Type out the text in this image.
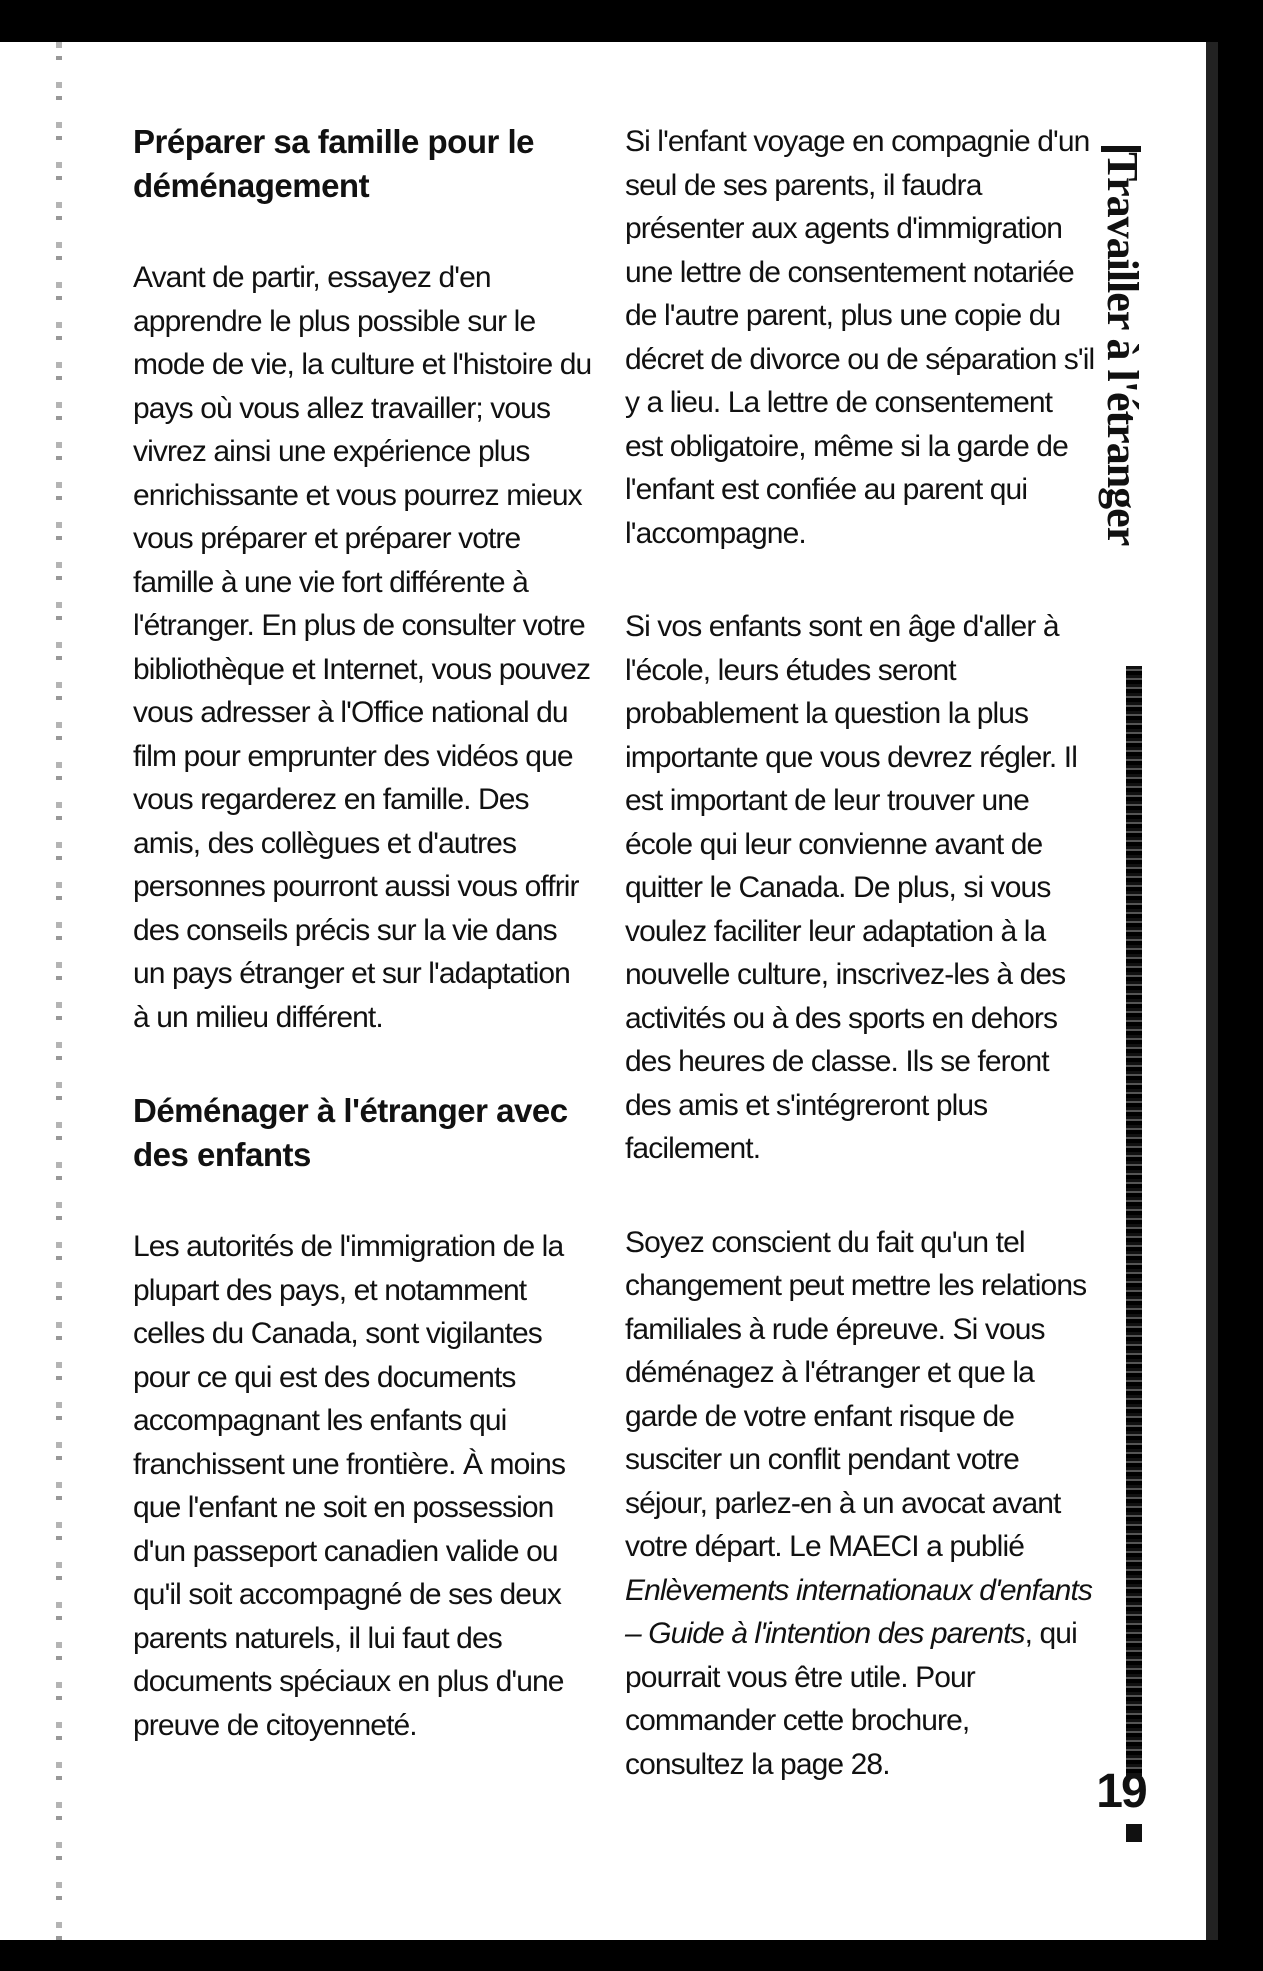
Préparer sa famille pour le déménagement

Avant de partir, essayez d'en apprendre le plus possible sur le mode de vie, la culture et l'histoire du pays où vous allez travailler; vous vivrez ainsi une expérience plus enrichissante et vous pourrez mieux vous préparer et préparer votre famille à une vie fort différente à l'étranger. En plus de consulter votre bibliothèque et Internet, vous pouvez vous adresser à l'Office national du film pour emprunter des vidéos que vous regarderez en famille. Des amis, des collègues et d'autres personnes pourront aussi vous offrir des conseils précis sur la vie dans un pays étranger et sur l'adaptation à un milieu différent.

Déménager à l'étranger avec des enfants

Les autorités de l'immigration de la plupart des pays, et notamment celles du Canada, sont vigilantes pour ce qui est des documents accompagnant les enfants qui franchissent une frontière. À moins que l'enfant ne soit en possession d'un passeport canadien valide ou qu'il soit accompagné de ses deux parents naturels, il lui faut des documents spéciaux en plus d'une preuve de citoyenneté.

Si l'enfant voyage en compagnie d'un seul de ses parents, il faudra présenter aux agents d'immigration une lettre de consentement notariée de l'autre parent, plus une copie du décret de divorce ou de séparation s'il y a lieu. La lettre de consentement est obligatoire, même si la garde de l'enfant est confiée au parent qui l'accompagne.

Si vos enfants sont en âge d'aller à l'école, leurs études seront probablement la question la plus importante que vous devrez régler. Il est important de leur trouver une école qui leur convienne avant de quitter le Canada. De plus, si vous voulez faciliter leur adaptation à la nouvelle culture, inscrivez-les à des activités ou à des sports en dehors des heures de classe. Ils se feront des amis et s'intégreront plus facilement.

Soyez conscient du fait qu'un tel changement peut mettre les relations familiales à rude épreuve. Si vous déménagez à l'étranger et que la garde de votre enfant risque de susciter un conflit pendant votre séjour, parlez-en à un avocat avant votre départ. Le MAECI a publié Enlèvements internationaux d'enfants – Guide à l'intention des parents, qui pourrait vous être utile. Pour commander cette brochure, consultez la page 28.

Travailler à l'étranger
19
